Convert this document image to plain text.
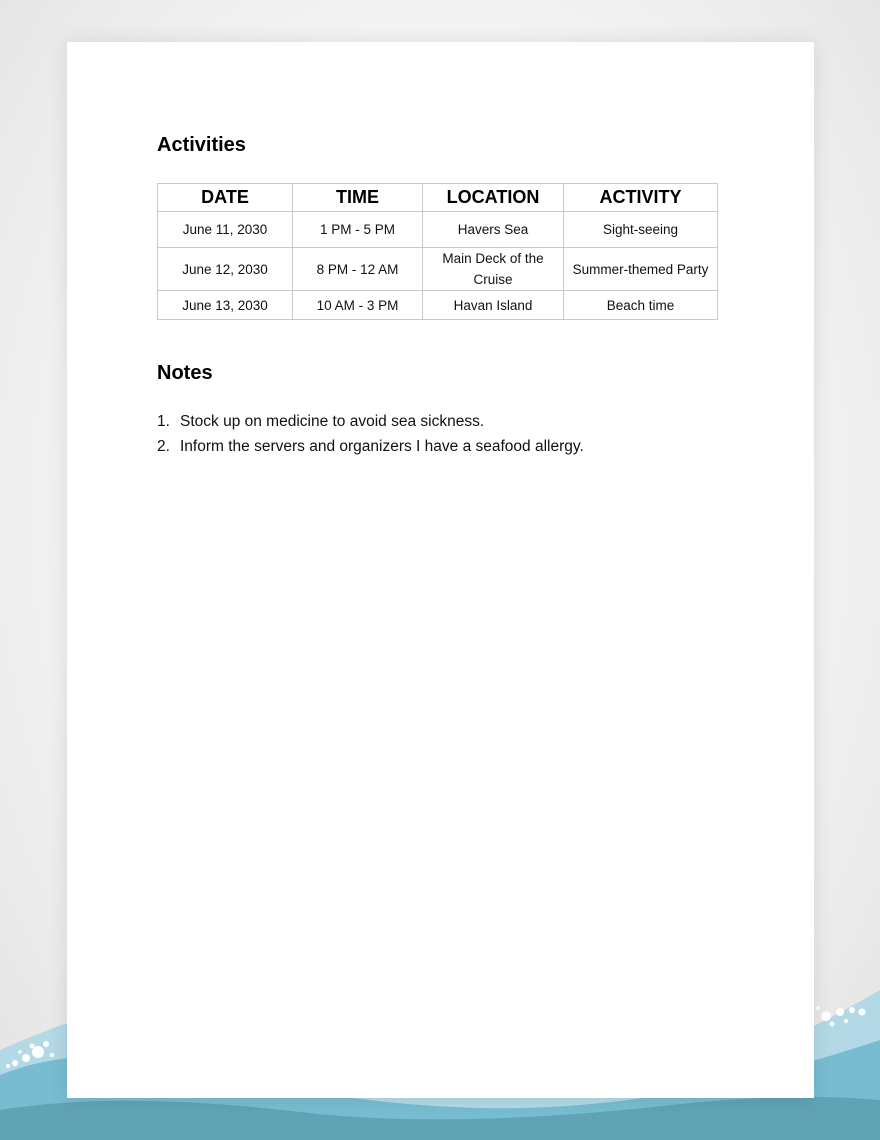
Activities
DATE	TIME	LOCATION	ACTIVITY
June 11, 2030	1 PM - 5 PM	Havers Sea	Sight-seeing
June 12, 2030	8 PM - 12 AM	Main Deck of the Cruise	Summer-themed Party
June 13, 2030	10 AM - 3 PM	Havan Island	Beach time
Notes
1. Stock up on medicine to avoid sea sickness.
2. Inform the servers and organizers I have a seafood allergy.
